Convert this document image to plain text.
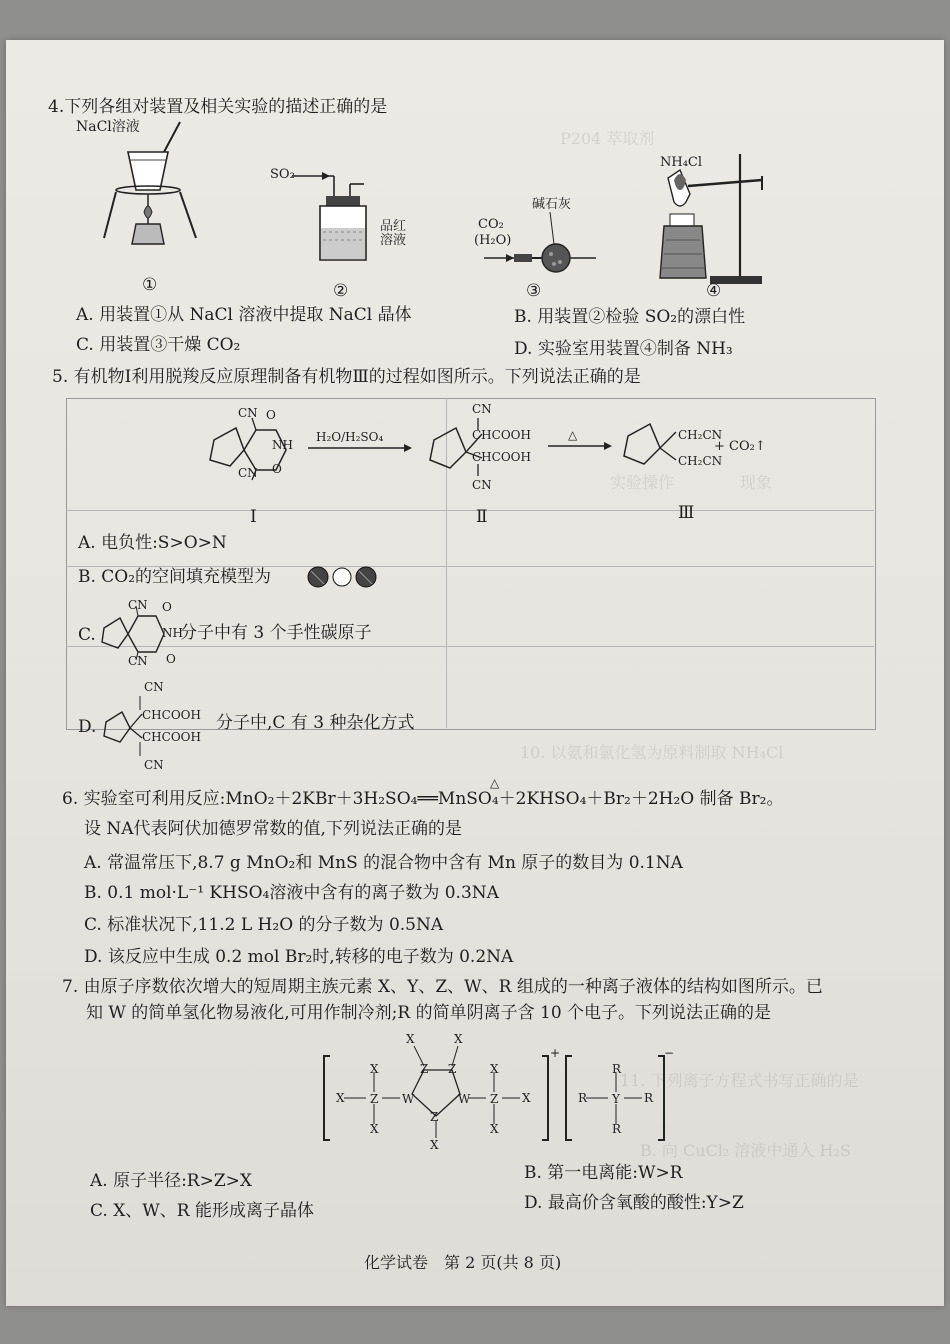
P204 萃取剂
实验操作	现象
10. 以氨和氯化氢为原料制取 NH₄Cl
11. 下列离子方程式书写正确的是
B. 向 CuCl₂ 溶液中通入 H₂S
4.下列各组对装置及相关实验的描述正确的是
NaCl溶液
①
SO₂
品红溶液
②
CO₂
(H₂O)
碱石灰
③
NH₄Cl
④
A. 用装置①从 NaCl 溶液中提取 NaCl 晶体	B. 用装置②检验 SO₂的漂白性
C. 用装置③干燥 CO₂	D. 实验室用装置④制备 NH₃
5. 有机物Ⅰ利用脱羧反应原理制备有机物Ⅲ的过程如图所示。下列说法正确的是
CN O
NH
CN O
H₂O/H₂SO₄
CN
CHCOOH
CHCOOH
CN
△	CH₂CN
CH₂CN
+ CO₂↑
Ⅰ	Ⅱ	Ⅲ
A. 电负性:S>O>N
B. CO₂的空间填充模型为
C.
CN O
NH
CN O
分子中有 3 个手性碳原子
D.
CN
CHCOOH
CHCOOH
CN
分子中,C 有 3 种杂化方式
△
6. 实验室可利用反应:MnO₂＋2KBr＋3H₂SO₄══MnSO₄＋2KHSO₄＋Br₂＋2H₂O 制备 Br₂。
设 NA代表阿伏加德罗常数的值,下列说法正确的是
A. 常温常压下,8.7 g MnO₂和 MnS 的混合物中含有 Mn 原子的数目为 0.1NA
B. 0.1 mol·L⁻¹ KHSO₄溶液中含有的离子数为 0.3NA
C. 标准状况下,11.2 L H₂O 的分子数为 0.5NA
D. 该反应中生成 0.2 mol Br₂时,转移的电子数为 0.2NA
7. 由原子序数依次增大的短周期主族元素 X、Y、Z、W、R 组成的一种离子液体的结构如图所示。已
知 W 的简单氢化物易液化,可用作制冷剂;R 的简单阴离子含 10 个电子。下列说法正确的是
X
X
Z
X
W
X	X
Z Z
Z
X
W
X
Z
X
X
+
R
R
Y
R
R
−
A. 原子半径:R>Z>X	B. 第一电离能:W>R
C. X、W、R 能形成离子晶体	D. 最高价含氧酸的酸性:Y>Z
化学试卷　第 2 页(共 8 页)
